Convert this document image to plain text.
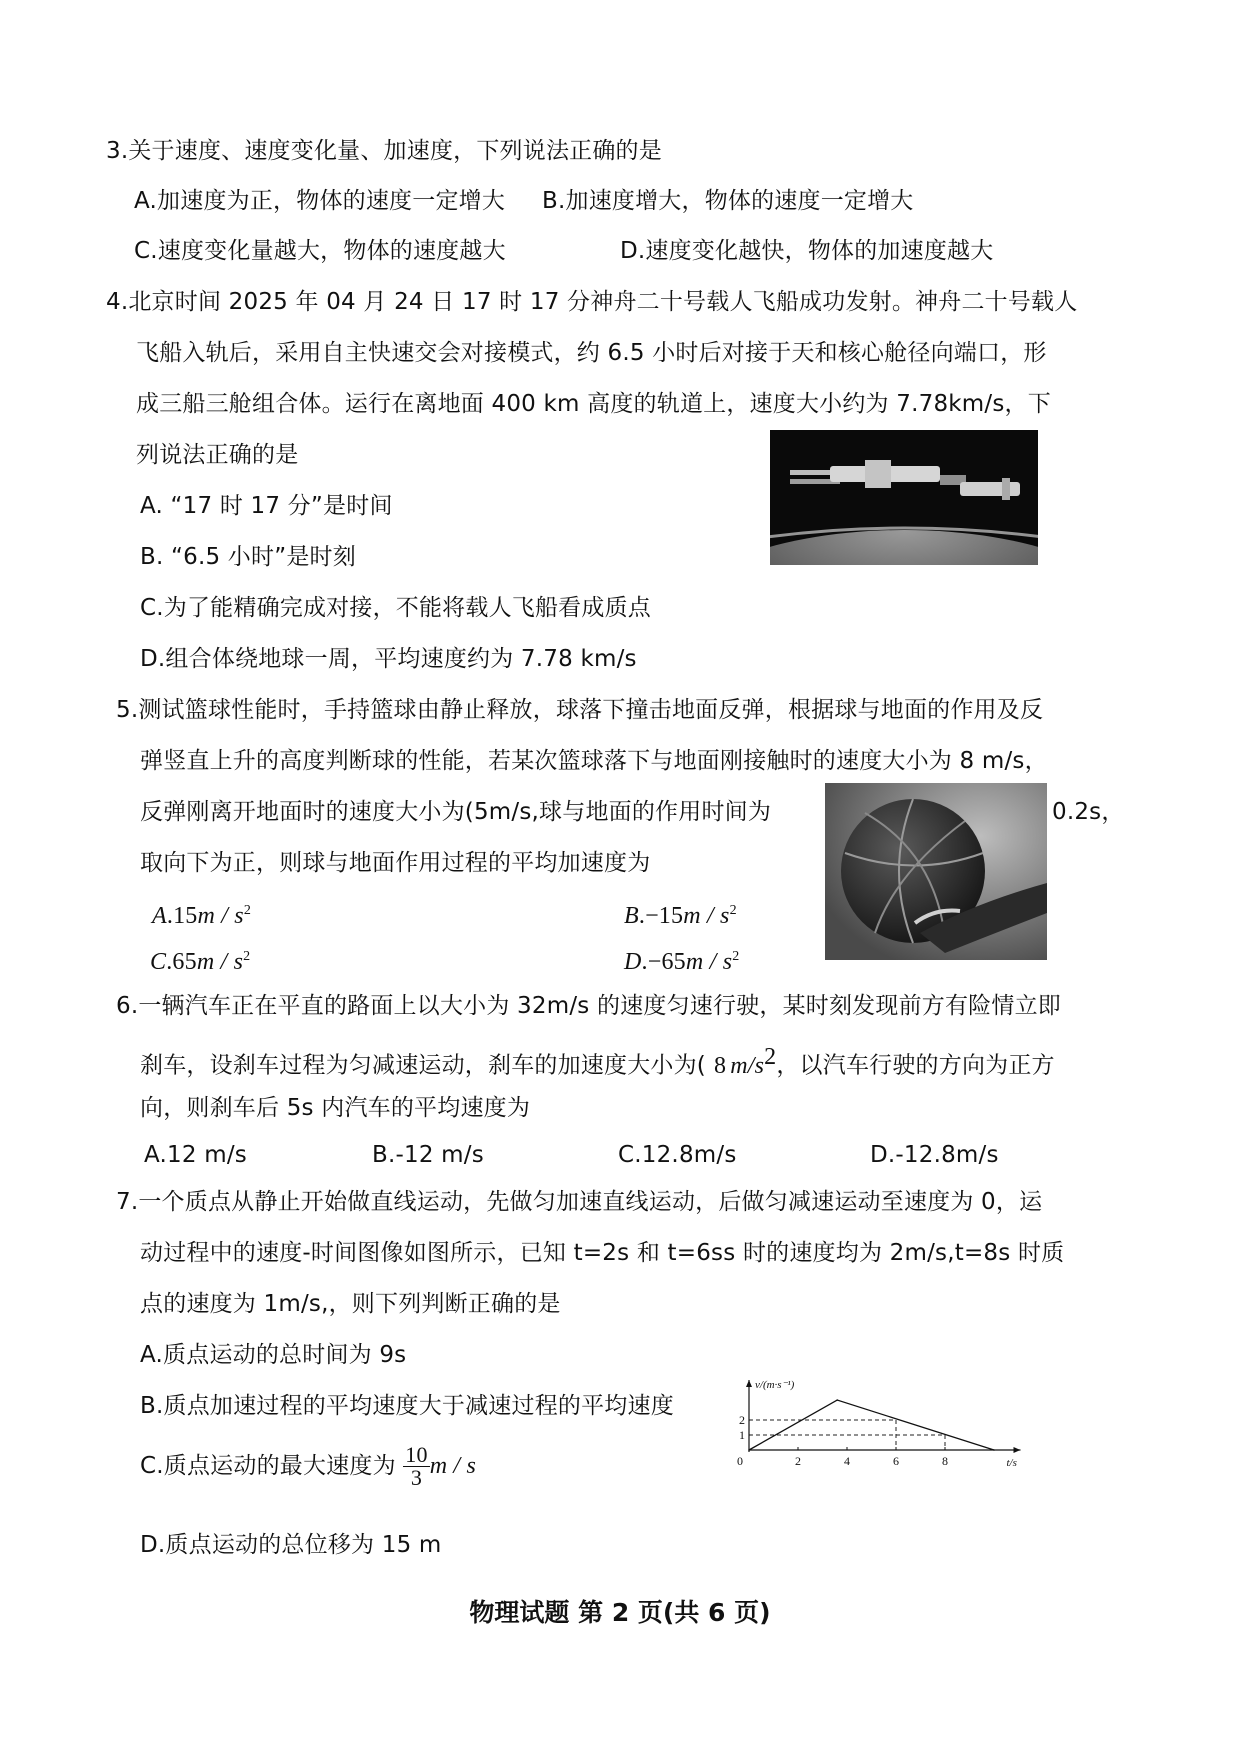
3.关于速度、速度变化量、加速度，下列说法正确的是
A.加速度为正，物体的速度一定增大 B.加速度增大，物体的速度一定增大
C.速度变化量越大，物体的速度越大	D.速度变化越快，物体的加速度越大
4.北京时间 2025 年 04 月 24 日 17 时 17 分神舟二十号载人飞船成功发射。神舟二十号载人
飞船入轨后，采用自主快速交会对接模式，约 6.5 小时后对接于天和核心舱径向端口，形
成三船三舱组合体。运行在离地面 400 km 高度的轨道上，速度大小约为 7.78km/s，下
列说法正确的是
A. “17 时 17 分”是时间
B. “6.5 小时”是时刻
C.为了能精确完成对接，不能将载人飞船看成质点
D.组合体绕地球一周，平均速度约为 7.78 km/s
5.测试篮球性能时，手持篮球由静止释放，球落下撞击地面反弹，根据球与地面的作用及反
弹竖直上升的高度判断球的性能，若某次篮球落下与地面刚接触时的速度大小为 8 m/s，
反弹刚离开地面时的速度大小为(5m/s,球与地面的作用时间为	0.2s，
取向下为正，则球与地面作用过程的平均加速度为
$A.15m / s^2$	$B.-15m / s^2$
$C.65m / s^2$	$D.-65m / s^2$
6.一辆汽车正在平直的路面上以大小为 32m/s 的速度匀速行驶，某时刻发现前方有险情立即
刹车，设刹车过程为匀减速运动，刹车的加速度大小为( 8 $m/s^2$，以汽车行驶的方向为正方
向，则刹车后 5s 内汽车的平均速度为
A.12 m/s	B.-12 m/s	C.12.8m/s	D.-12.8m/s
7.一个质点从静止开始做直线运动，先做匀加速直线运动，后做匀减速运动至速度为 0，运
动过程中的速度-时间图像如图所示，已知 t=2s 和 t=6ss 时的速度均为 2m/s,t=8s 时质
点的速度为 1m/s,，则下列判断正确的是
A.质点运动的总时间为 9s
B.质点加速过程的平均速度大于减速过程的平均速度
C.质点运动的最大速度为 $\frac{10}{3}$ m / s
D.质点运动的总位移为 15 m
2	4	6	8
1
2
0	t/s
v/(m·s⁻¹)
物理试题 第 2 页(共 6 页)
